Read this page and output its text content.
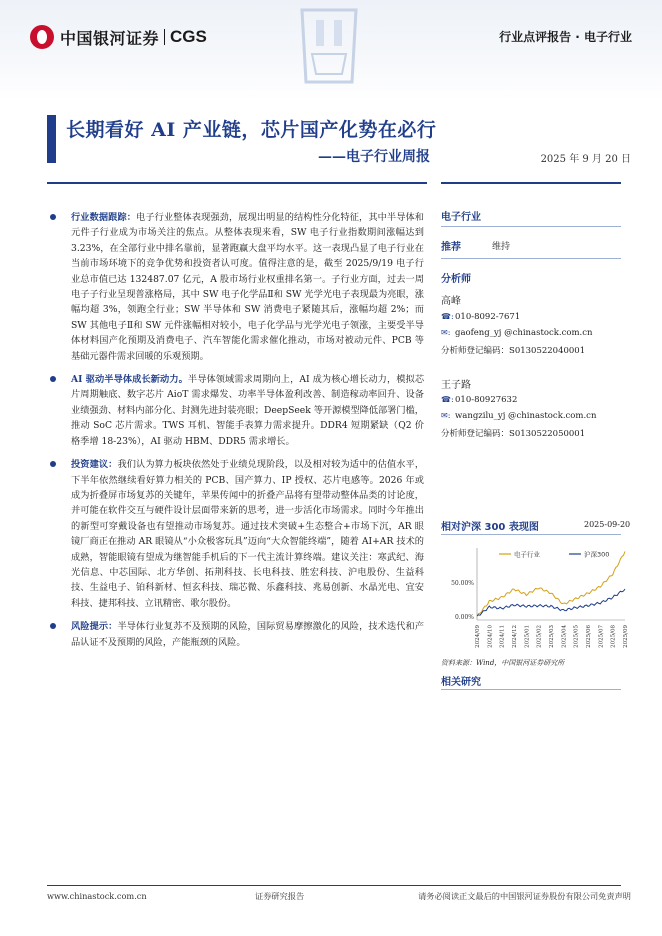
中国银河证券 CGS	行业点评报告 · 电子行业
长期看好 AI 产业链，芯片国产化势在必行
——电子行业周报	2025 年 9 月 20 日
行业数据跟踪：电子行业整体表现强劲，展现出明显的结构性分化特征，其中半导体和元件子行业成为市场关注的焦点。从整体表现来看，SW 电子行业指数期间涨幅达到 3.23%，在全部行业中排名靠前，显著跑赢大盘平均水平。这一表现凸显了电子行业在当前市场环境下的竞争优势和投资者认可度。值得注意的是，截至 2025/9/19 电子行业总市值已达 132487.07 亿元，A 股市场行业权重排名第一。子行业方面，过去一周电子子行业呈现普涨格局，其中 SW 电子化学品Ⅱ和 SW 光学光电子表现最为亮眼，涨幅均超 3%，领跑全行业；SW 半导体和 SW 消费电子紧随其后，涨幅均超 2%；而 SW 其他电子Ⅱ和 SW 元件涨幅相对较小，电子化学品与光学光电子领涨，主要受半导体材料国产化预期及消费电子、汽车智能化需求催化推动，市场对被动元件、PCB 等基础元器件需求回暖的乐观预期。
AI 驱动半导体成长新动力。半导体领域需求周期向上，AI 成为核心增长动力，模拟芯片周期触底、数字芯片 AioT 需求爆发、功率半导体盈利改善、制造稼动率回升、设备业绩强劲、材料内部分化、封测先进封装亮眼；DeepSeek 等开源模型降低部署门槛，推动 SoC 芯片需求。TWS 耳机、智能手表算力需求提升。DDR4 短期紧缺（Q2 价格季增 18-23%），AI 驱动 HBM、DDR5 需求增长。
投资建议：我们认为算力板块依然处于业绩兑现阶段，以及相对较为适中的估值水平，下半年依然继续看好算力相关的 PCB、国产算力、IP 授权、芯片电感等。2026 年或成为折叠屏市场复苏的关键年，苹果传闻中的折叠产品将有望带动整体品类的讨论度，并可能在软件交互与硬件设计层面带来新的思考，进一步活化市场需求。同时今年推出的新型可穿戴设备也有望推动市场复苏。通过技术突破+生态整合+市场下沉，AR 眼镜厂商正在推动 AR 眼镜从“小众极客玩具”迈向“大众智能终端”，随着 AI+AR 技术的成熟，智能眼镜有望成为继智能手机后的下一代主流计算终端。建议关注：寒武纪、海光信息、中芯国际、北方华创、拓荆科技、长电科技、胜宏科技、沪电股份、生益科技、生益电子、铂科新材、恒玄科技、瑞芯微、乐鑫科技、兆易创新、水晶光电、宜安科技、捷邦科技、立讯精密、歌尔股份。
风险提示：半导体行业复苏不及预期的风险，国际贸易摩擦激化的风险，技术迭代和产品认证不及预期的风险，产能瓶颈的风险。
电子行业
推荐	维持
分析师
高峰
☎:010-8092-7671
✉: gaofeng_yj @chinastock.com.cn
分析师登记编码：S0130522040001
王子路
☎:010-80927632
✉: wangzilu_yj @chinastock.com.cn
分析师登记编码：S0130522050001
相对沪深 300 表现图	2025-09-20
0.00%
50.00%
2024/09 2024/10 2024/11 2024/12 2025/01 2025/02 2025/03 2025/04 2025/05 2025/06 2025/07 2025/08 2025/09
电子行业	沪深300
资料来源：Wind，中国银河证券研究所
相关研究
www.chinastock.com.cn	证券研究报告	请务必阅读正文最后的中国银河证券股份有限公司免责声明
